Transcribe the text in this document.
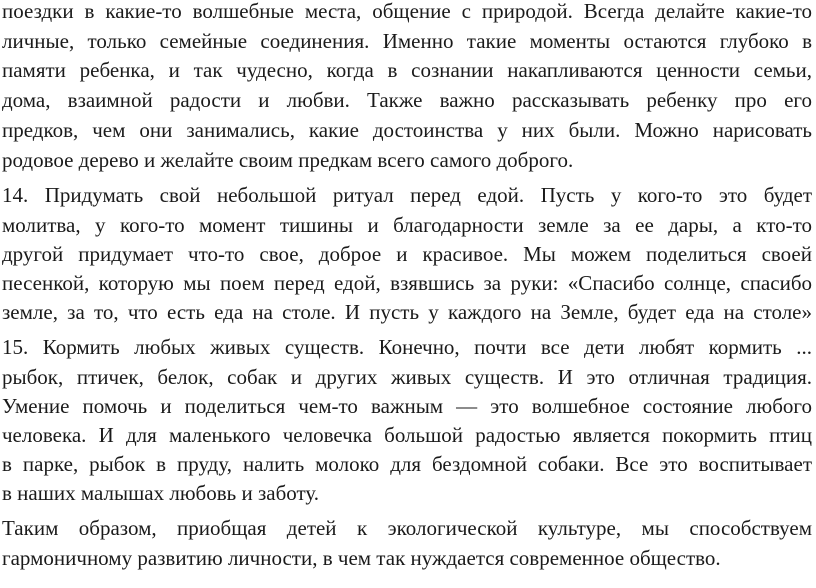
поездки в какие-то волшебные места, общение с природой. Всегда делайте какие-то
личные, только семейные соединения. Именно такие моменты остаются глубоко в
памяти ребенка, и так чудесно, когда в сознании накапливаются ценности семьи,
дома, взаимной радости и любви. Также важно рассказывать ребенку про его
предков, чем они занимались, какие достоинства у них были. Можно нарисовать
родовое дерево и желайте своим предкам всего самого доброго.
14. Придумать свой небольшой ритуал перед едой. Пусть у кого-то это будет
молитва, у кого-то момент тишины и благодарности земле за ее дары, а кто-то
другой придумает что-то свое, доброе и красивое. Мы можем поделиться своей
песенкой, которую мы поем перед едой, взявшись за руки: «Спасибо солнце, спасибо
земле, за то, что есть еда на столе. И пусть у каждого на Земле, будет еда на столе»
15. Кормить любых живых существ. Конечно, почти все дети любят кормить ...
рыбок, птичек, белок, собак и других живых существ. И это отличная традиция.
Умение помочь и поделиться чем-то важным — это волшебное состояние любого
человека. И для маленького человечка большой радостью является покормить птиц
в парке, рыбок в пруду, налить молоко для бездомной собаки. Все это воспитывает
в наших малышах любовь и заботу.
Таким образом, приобщая детей к экологической культуре, мы способствуем
гармоничному развитию личности, в чем так нуждается современное общество.
